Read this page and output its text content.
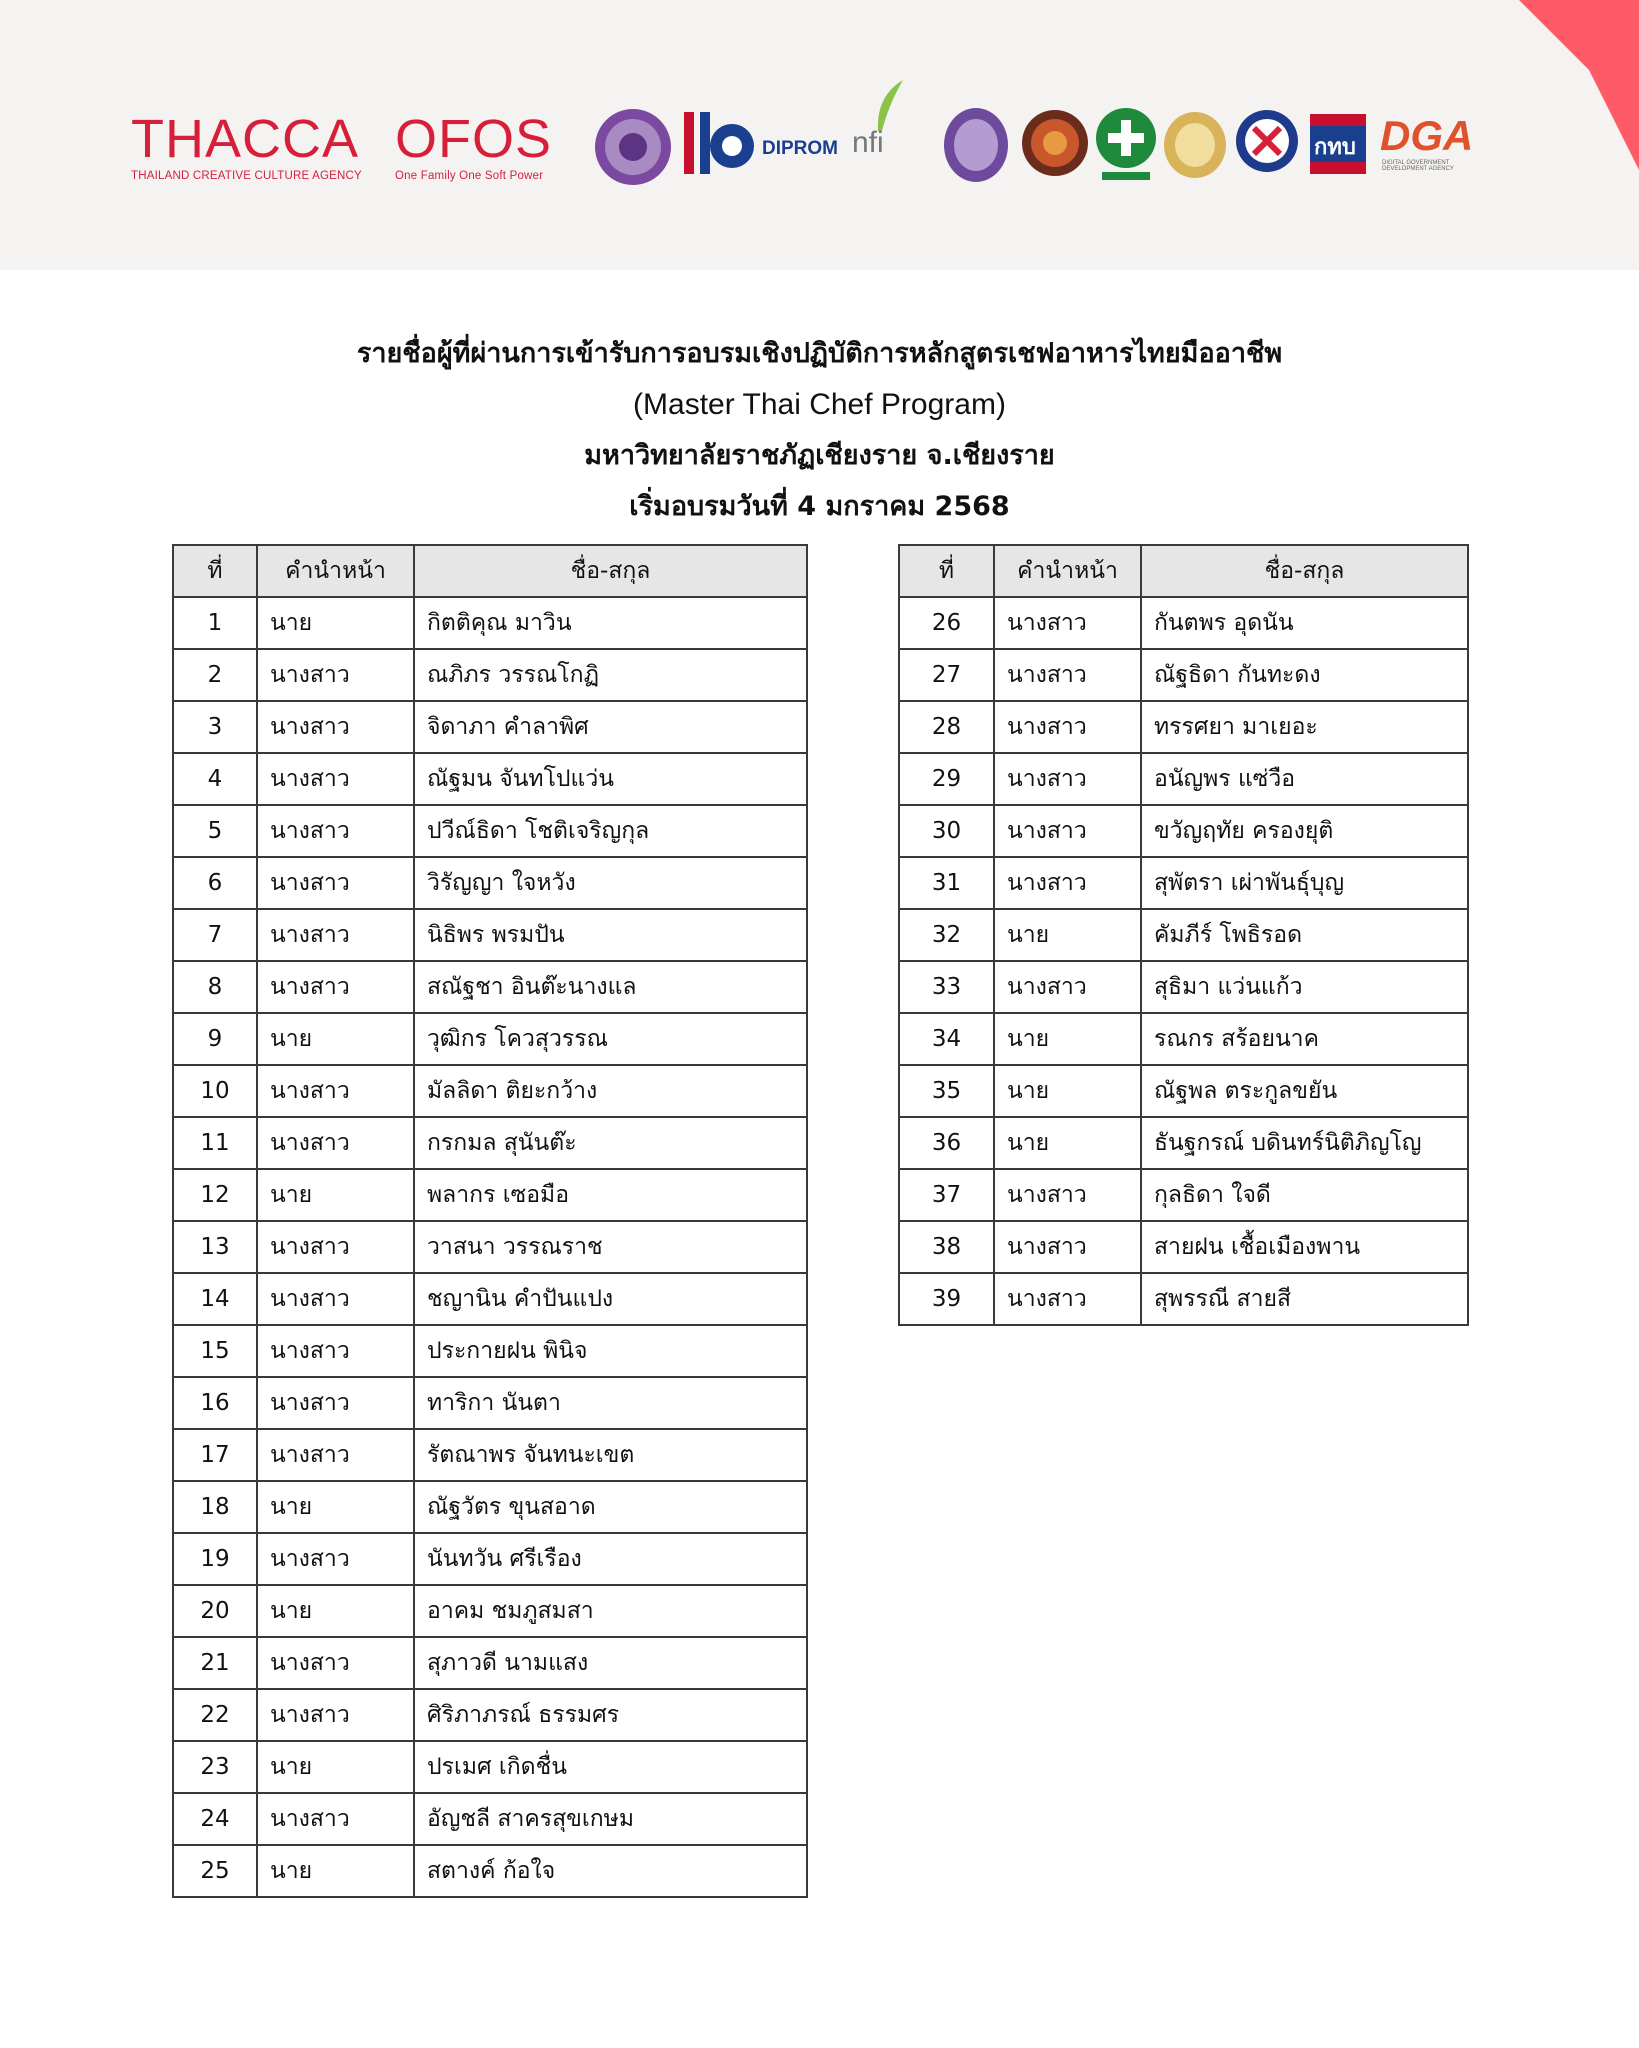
THACCA
THAILAND CREATIVE CULTURE AGENCY
OFOS
One Family One Soft Power
DIPROM nfi	กทบ DGA
DIGITAL GOVERNMENT DEVELOPMENT AGENCY
รายชื่อผู้ที่ผ่านการเข้ารับการอบรมเชิงปฏิบัติการหลักสูตรเชฟอาหารไทยมืออาชีพ
(Master Thai Chef Program)
มหาวิทยาลัยราชภัฏเชียงราย จ.เชียงราย
เริ่มอบรมวันที่ 4 มกราคม 2568
ที่	คำนำหน้า	ชื่อ-สกุล
1	นาย	กิตติคุณ มาวิน
2	นางสาว	ณภิภร วรรณโกฏิ
3	นางสาว	จิดาภา คำลาพิศ
4	นางสาว	ณัฐมน จันทโปแว่น
5	นางสาว	ปวีณ์ธิดา โชติเจริญกุล
6	นางสาว	วิรัญญา ใจหวัง
7	นางสาว	นิธิพร พรมปัน
8	นางสาว	สณัฐชา อินต๊ะนางแล
9	นาย	วุฒิกร โควสุวรรณ
10	นางสาว	มัลลิดา ติยะกว้าง
11	นางสาว	กรกมล สุนันต๊ะ
12	นาย	พลากร เซอมือ
13	นางสาว	วาสนา วรรณราช
14	นางสาว	ชญานิน คำปันแปง
15	นางสาว	ประกายฝน พินิจ
16	นางสาว	ทาริกา นันตา
17	นางสาว	รัตณาพร จันทนะเขต
18	นาย	ณัฐวัตร ขุนสอาด
19	นางสาว	นันทวัน ศรีเรือง
20	นาย	อาคม ชมภูสมสา
21	นางสาว	สุภาวดี นามแสง
22	นางสาว	ศิริภาภรณ์ ธรรมศร
23	นาย	ปรเมศ เกิดชื่น
24	นางสาว	อัญชลี สาครสุขเกษม
25	นาย	สตางค์ ก้อใจ
ที่	คำนำหน้า	ชื่อ-สกุล
26	นางสาว	กันตพร อุดนัน
27	นางสาว	ณัฐธิดา กันทะดง
28	นางสาว	ทรรศยา มาเยอะ
29	นางสาว	อนัญพร แซ่วือ
30	นางสาว	ขวัญฤทัย ครองยุติ
31	นางสาว	สุพัตรา เผ่าพันธุ์บุญ
32	นาย	คัมภีร์ โพธิรอด
33	นางสาว	สุธิมา แว่นแก้ว
34	นาย	รณกร สร้อยนาค
35	นาย	ณัฐพล ตระกูลขยัน
36	นาย	ธันฐกรณ์ บดินทร์นิติภิญโญ
37	นางสาว	กุลธิดา ใจดี
38	นางสาว	สายฝน เชื้อเมืองพาน
39	นางสาว	สุพรรณี สายสี
